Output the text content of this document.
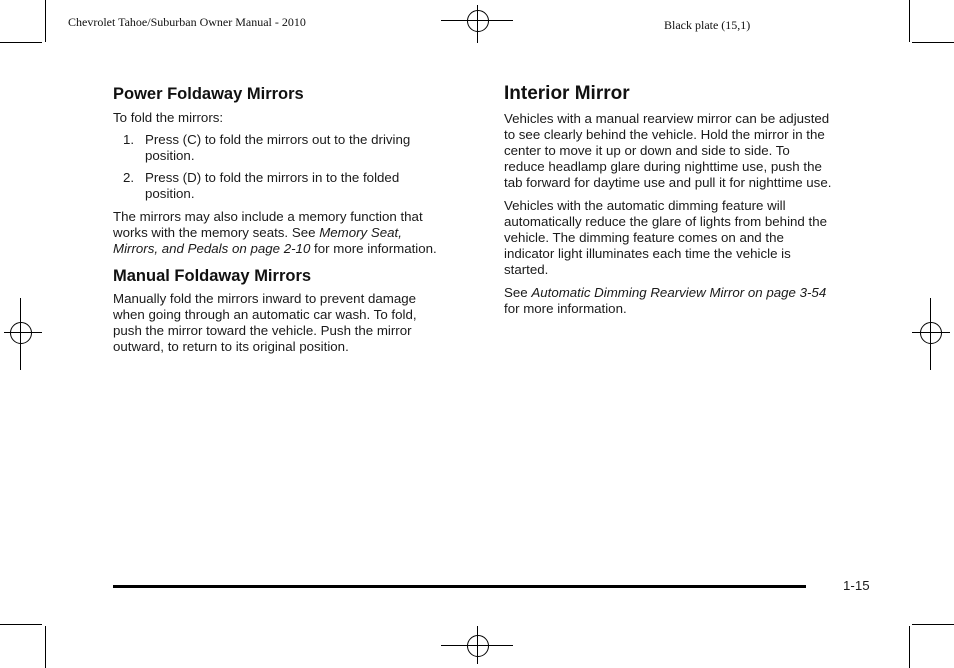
Chevrolet Tahoe/Suburban Owner Manual - 2010	Black plate (15,1)
Power Foldaway Mirrors

To fold the mirrors:

1. Press (C) to fold the mirrors out to the driving
position.
2. Press (D) to fold the mirrors in to the folded
position.
The mirrors may also include a memory function that
works with the memory seats. See Memory Seat,
Mirrors, and Pedals on page 2-10 for more information.
Manual Foldaway Mirrors
Manually fold the mirrors inward to prevent damage
when going through an automatic car wash. To fold,
push the mirror toward the vehicle. Push the mirror
outward, to return to its original position.
Interior Mirror
Vehicles with a manual rearview mirror can be adjusted
to see clearly behind the vehicle. Hold the mirror in the
center to move it up or down and side to side. To
reduce headlamp glare during nighttime use, push the
tab forward for daytime use and pull it for nighttime use.
Vehicles with the automatic dimming feature will
automatically reduce the glare of lights from behind the
vehicle. The dimming feature comes on and the
indicator light illuminates each time the vehicle is
started.
See Automatic Dimming Rearview Mirror on page 3-54
for more information.
1-15
